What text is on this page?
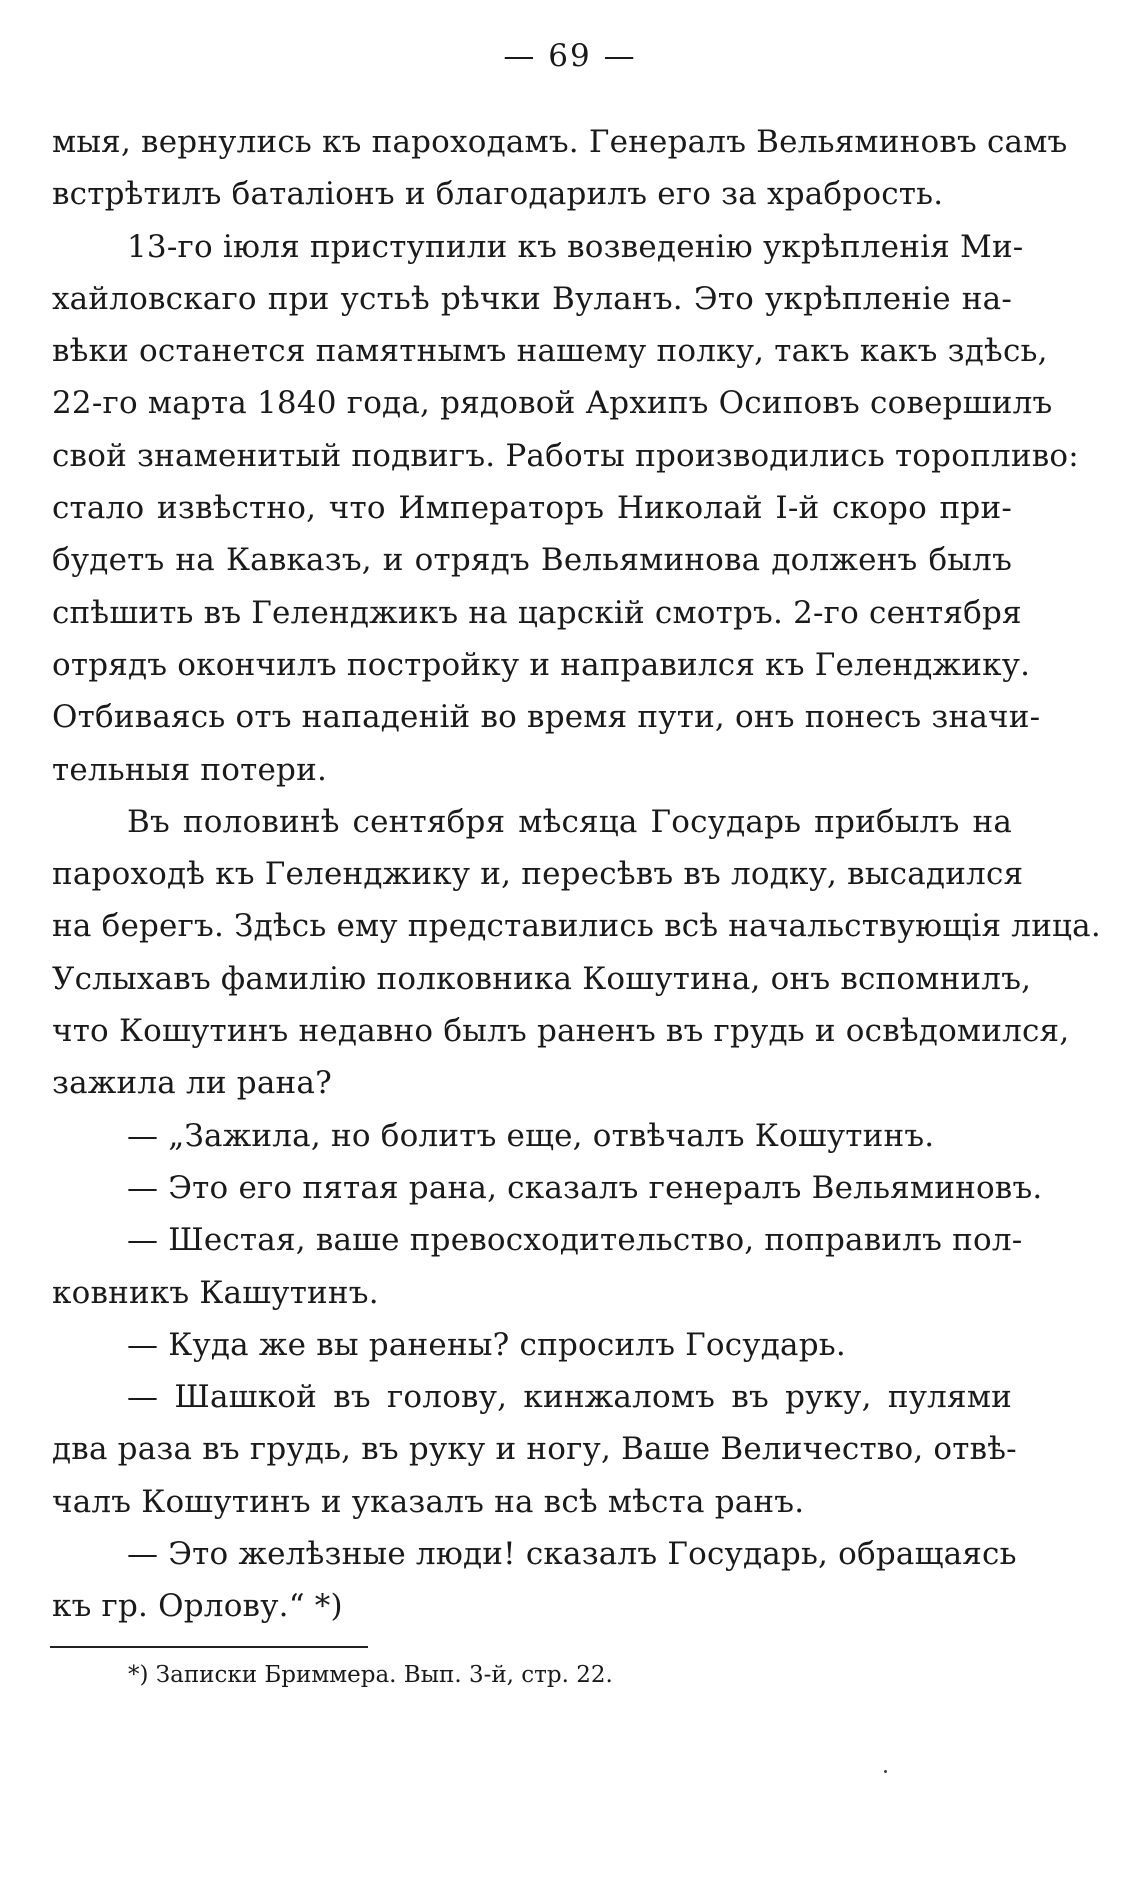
— 69 —
мыя, вернулись къ пароходамъ. Генералъ Вельяминовъ самъ
встрѣтилъ баталіонъ и благодарилъ его за храбрость.
13-го іюля приступили къ возведенію укрѣпленія Ми-
хайловскаго при устьѣ рѣчки Вуланъ. Это укрѣпленіе на-
вѣки останется памятнымъ нашему полку, такъ какъ здѣсь,
22-го марта 1840 года, рядовой Архипъ Осиповъ совершилъ
свой знаменитый подвигъ. Работы производились торопливо:
стало извѣстно, что Императоръ Николай I-й скоро при-
будетъ на Кавказъ, и отрядъ Вельяминова долженъ былъ
спѣшить въ Геленджикъ на царскій смотръ. 2-го сентября
отрядъ окончилъ постройку и направился къ Геленджику.
Отбиваясь отъ нападеній во время пути, онъ понесъ значи-
тельныя потери.
Въ половинѣ сентября мѣсяца Государь прибылъ на
пароходѣ къ Геленджику и, пересѣвъ въ лодку, высадился
на берегъ. Здѣсь ему представились всѣ начальствующія лица.
Услыхавъ фамилію полковника Кошутина, онъ вспомнилъ,
что Кошутинъ недавно былъ раненъ въ грудь и освѣдомился,
зажила ли рана?
— „Зажила, но болитъ еще, отвѣчалъ Кошутинъ.
— Это его пятая рана, сказалъ генералъ Вельяминовъ.
— Шестая, ваше превосходительство, поправилъ пол-
ковникъ Кашутинъ.
— Куда же вы ранены? спросилъ Государь.
— Шашкой въ голову, кинжаломъ въ руку, пулями
два раза въ грудь, въ руку и ногу, Ваше Величество, отвѣ-
чалъ Кошутинъ и указалъ на всѣ мѣста ранъ.
— Это желѣзные люди! сказалъ Государь, обращаясь
къ гр. Орлову.“ *)
*) Записки Бриммера. Вып. 3-й, стр. 22.
